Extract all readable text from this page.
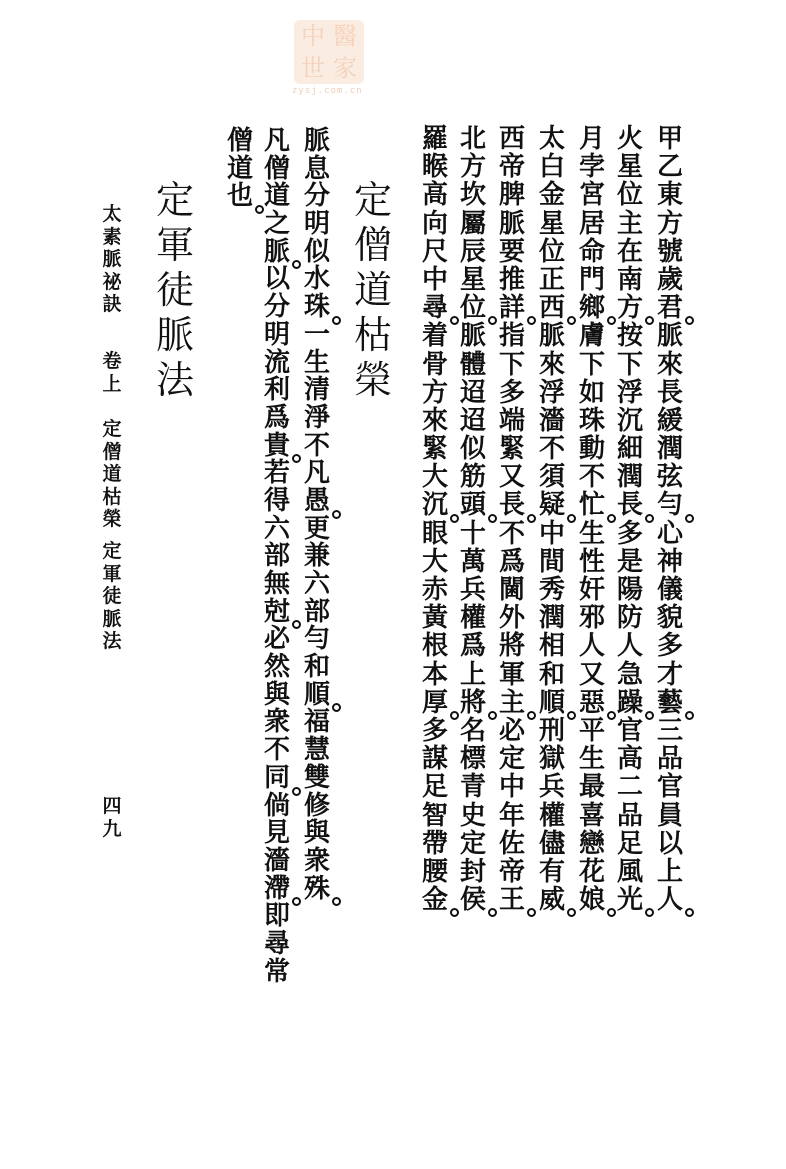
中 醫
世 家
zysj.com.cn
甲
乙
東
方
號
歲
君
脈
來
長
緩
潤
弦
勻
心
神
儀
貌
多
才
藝
三
品
官
員
以
上
人
火
星
位
主
在
南
方
按
下
浮
沉
細
潤
長
多
是
陽
防
人
急
躁
官
高
二
品
足
風
光
月
孛
宮
居
命
門
鄉
膚
下
如
珠
動
不
忙
生
性
奸
邪
人
又
惡
平
生
最
喜
戀
花
娘
太
白
金
星
位
正
西
脈
來
浮
濇
不
須
疑
中
間
秀
潤
相
和
順
刑
獄
兵
權
儘
有
威
西
帝
脾
脈
要
推
詳
指
下
多
端
緊
又
長
不
爲
閫
外
將
軍
主
必
定
中
年
佐
帝
王
北
方
坎
屬
辰
星
位
脈
體
迢
迢
似
筋
頭
十
萬
兵
權
爲
上
將
名
標
青
史
定
封
侯
羅
睺
高
向
尺
中
尋
着
骨
方
來
緊
大
沉
眼
大
赤
黃
根
本
厚
多
謀
足
智
帶
腰
金
定
僧
道
枯
榮
脈
息
分
明
似
水
珠
一
生
清
淨
不
凡
愚
更
兼
六
部
勻
和
順
福
慧
雙
修
與
衆
殊
凡
僧
道
之
脈
以
分
明
流
利
爲
貴
若
得
六
部
無
尅
必
然
與
衆
不
同
倘
見
濇
滯
即
尋
常
僧
道
也
定
軍
徒
脈
法
太
素
脈
祕
訣
卷
上
定
僧
道
枯
榮
定
軍
徒
脈
法
四
九
